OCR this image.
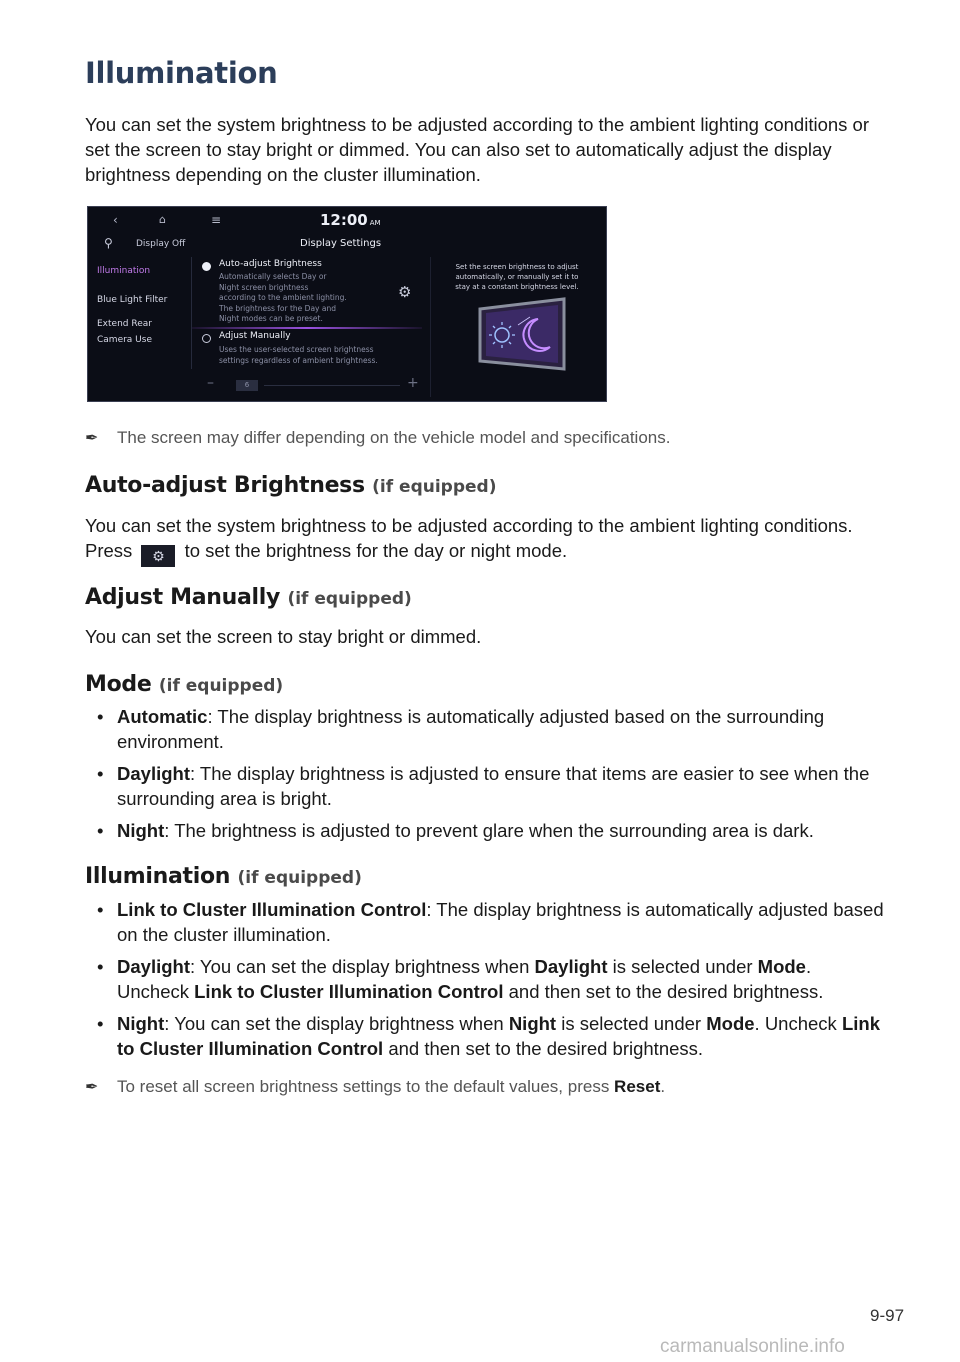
Illumination

You can set the system brightness to be adjusted according to the ambient lighting conditions or set the screen to stay bright or dimmed. You can also set to automatically adjust the display brightness depending on the cluster illumination.

‹	⌂	≡	12:00 AM
⚲	Display Off	Display Settings
Illumination
Blue Light Filter
Extend Rear
Camera Use
Auto-adjust Brightness
Automatically selects Day or
Night screen brightness
according to the ambient lighting.
The brightness for the Day and
Night modes can be preset.
Adjust Manually
Uses the user-selected screen brightness
settings regardless of ambient brightness.
⚙
Set the screen brightness to adjust
automatically, or manually set it to
stay at a constant brightness level.
–	6	+
✒ The screen may differ depending on the vehicle model and specifications.
Auto-adjust Brightness (if equipped)

You can set the system brightness to be adjusted according to the ambient lighting conditions. Press ⚙ to set the brightness for the day or night mode.

Adjust Manually (if equipped)

You can set the screen to stay bright or dimmed.

Mode (if equipped)
• Automatic: The display brightness is automatically adjusted based on the surrounding environment.
• Daylight: The display brightness is adjusted to ensure that items are easier to see when the surrounding area is bright.
• Night: The brightness is adjusted to prevent glare when the surrounding area is dark.
Illumination (if equipped)
• Link to Cluster Illumination Control: The display brightness is automatically adjusted based on the cluster illumination.
• Daylight: You can set the display brightness when Daylight is selected under Mode. Uncheck Link to Cluster Illumination Control and then set to the desired brightness.
• Night: You can set the display brightness when Night is selected under Mode. Uncheck Link to Cluster Illumination Control and then set to the desired brightness.
✒ To reset all screen brightness settings to the default values, press Reset.
9-97
carmanualsonline.info
